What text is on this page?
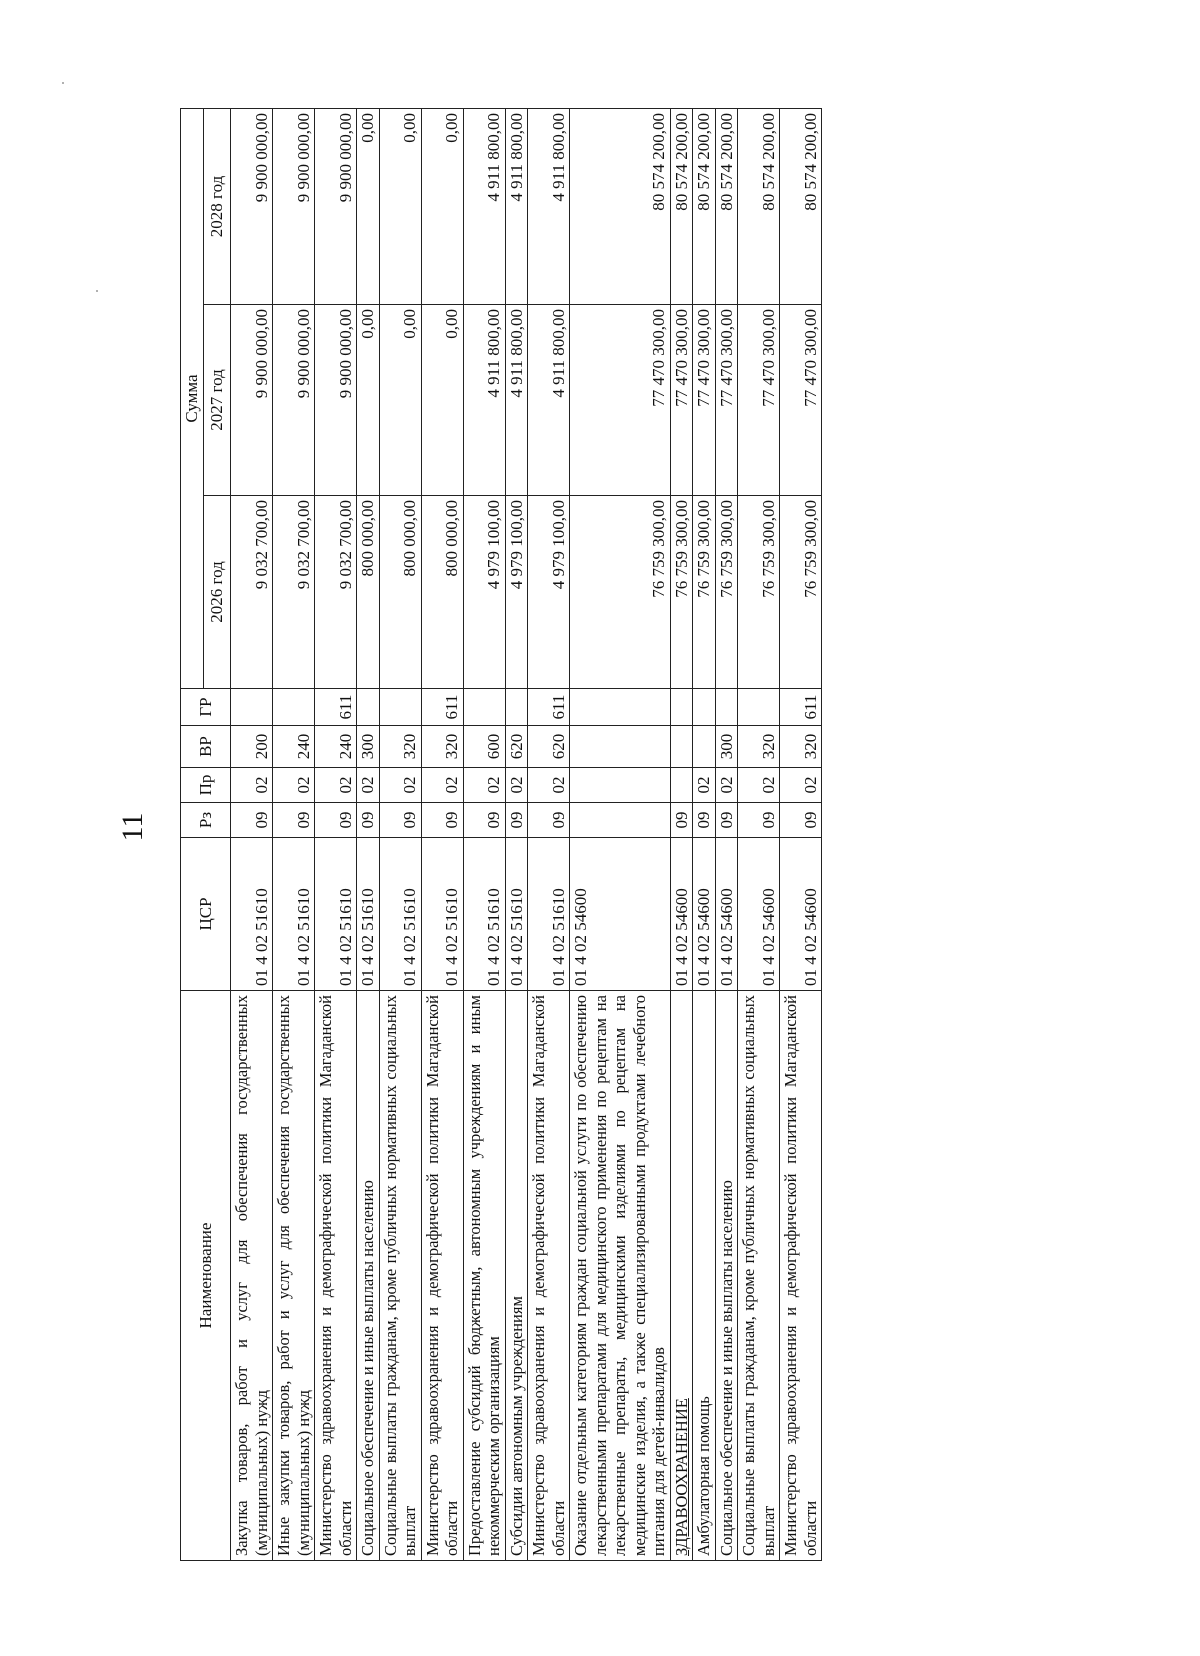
11
Наименование	ЦСР	Рз	Пр	ВР	ГР	Сумма		
						2026 год	2027 год	2028 год
Закупка товаров, работ и услуг для обеспечения государственных (муниципальных) нужд	01 4 02 51610	09	02	200		9 032 700,00	9 900 000,00	9 900 000,00
Иные закупки товаров, работ и услуг для обеспечения государственных (муниципальных) нужд	01 4 02 51610	09	02	240		9 032 700,00	9 900 000,00	9 900 000,00
Министерство здравоохранения и демографической политики Магаданской области	01 4 02 51610	09	02	240	611	9 032 700,00	9 900 000,00	9 900 000,00
Социальное обеспечение и иные выплаты населению	01 4 02 51610	09	02	300		800 000,00	0,00	0,00
Социальные выплаты гражданам, кроме публичных нормативных социальных выплат	01 4 02 51610	09	02	320		800 000,00	0,00	0,00
Министерство здравоохранения и демографической политики Магаданской области	01 4 02 51610	09	02	320	611	800 000,00	0,00	0,00
Предоставление субсидий бюджетным, автономным учреждениям и иным некоммерческим организациям	01 4 02 51610	09	02	600		4 979 100,00	4 911 800,00	4 911 800,00
Субсидии автономным учреждениям	01 4 02 51610	09	02	620		4 979 100,00	4 911 800,00	4 911 800,00
Министерство здравоохранения и демографической политики Магаданской области	01 4 02 51610	09	02	620	611	4 979 100,00	4 911 800,00	4 911 800,00
Оказание отдельным категориям граждан социальной услуги по обеспечению лекарственными препаратами для медицинского применения по рецептам на лекарственные препараты, медицинскими изделиями по рецептам на медицинские изделия, а также специализированными продуктами лечебного питания для детей-инвалидов	01 4 02 54600					76 759 300,00	77 470 300,00	80 574 200,00
ЗДРАВООХРАНЕНИЕ	01 4 02 54600	09				76 759 300,00	77 470 300,00	80 574 200,00
Амбулаторная помощь	01 4 02 54600	09	02			76 759 300,00	77 470 300,00	80 574 200,00
Социальное обеспечение и иные выплаты населению	01 4 02 54600	09	02	300		76 759 300,00	77 470 300,00	80 574 200,00
Социальные выплаты гражданам, кроме публичных нормативных социальных выплат	01 4 02 54600	09	02	320		76 759 300,00	77 470 300,00	80 574 200,00
Министерство здравоохранения и демографической политики Магаданской области	01 4 02 54600	09	02	320	611	76 759 300,00	77 470 300,00	80 574 200,00
